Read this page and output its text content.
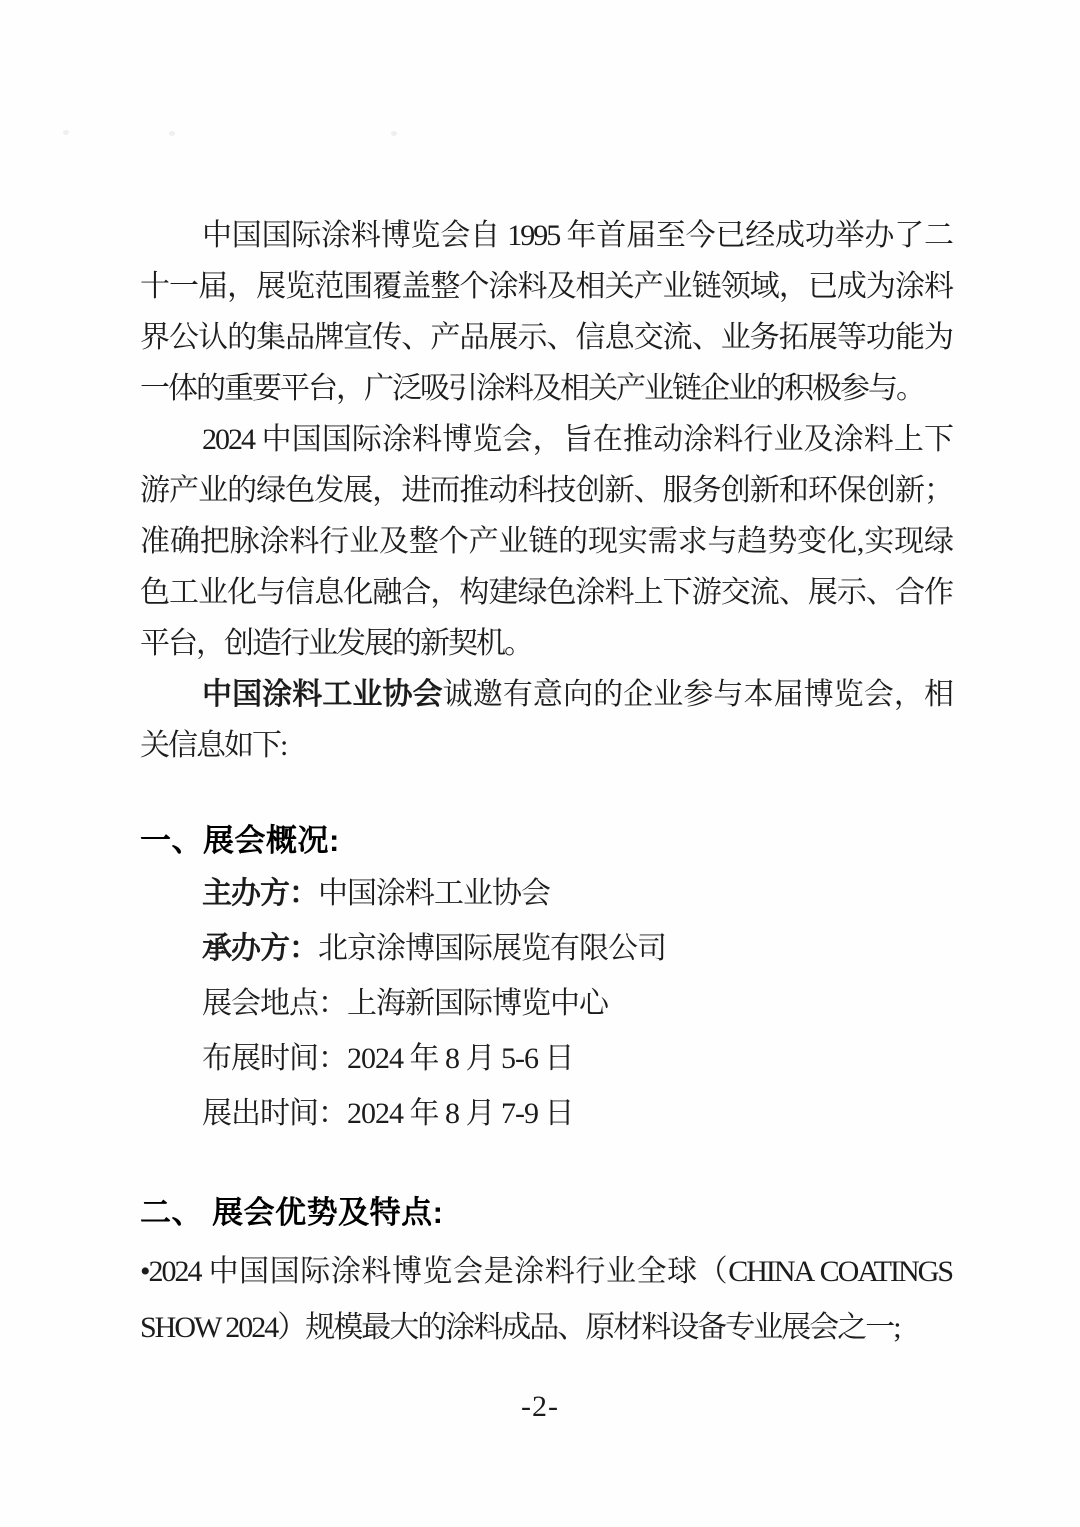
中国国际涂料博览会自 1995 年首届至今已经成功举办了二
十一届，展览范围覆盖整个涂料及相关产业链领域，已成为涂料
界公认的集品牌宣传、产品展示、信息交流、业务拓展等功能为
一体的重要平台，广泛吸引涂料及相关产业链企业的积极参与。
2024 中国国际涂料博览会，旨在推动涂料行业及涂料上下
游产业的绿色发展，进而推动科技创新、服务创新和环保创新；
准确把脉涂料行业及整个产业链的现实需求与趋势变化,实现绿
色工业化与信息化融合，构建绿色涂料上下游交流、展示、合作
平台，创造行业发展的新契机。
中国涂料工业协会诚邀有意向的企业参与本届博览会，相
关信息如下:
一、展会概况:
主办方：中国涂料工业协会
承办方：北京涂博国际展览有限公司
展会地点：上海新国际博览中心
布展时间：2024 年 8 月 5-6 日
展出时间：2024 年 8 月 7-9 日
二、 展会优势及特点:
•2024 中国国际涂料博览会是涂料行业全球（CHINA COATINGS
SHOW 2024）规模最大的涂料成品、原材料设备专业展会之一;
-2-
